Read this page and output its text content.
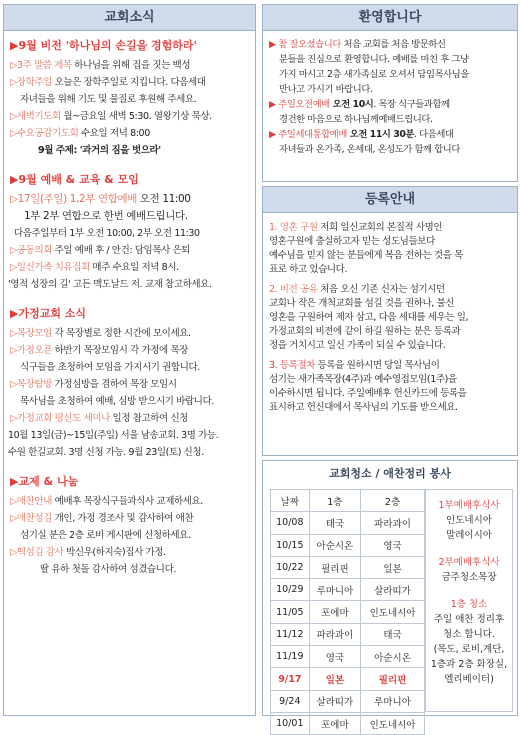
교회소식
▶9월 비전 '하나님의 손길을 경험하라'
▷3주 말씀 제목 하나님을 위해 집을 짓는 백성
▷장학주일 오늘은 장학주일로 지킵니다. 다음세대
자녀들을 위해 기도 및 물질로 후원해 주세요.
▷새벽기도회 월~금요일 새벽 5:30. 열왕기상 묵상.
▷수요공감기도회 수요일 저녁 8:00
9월 주제: '과거의 짐을 벗으라'
▶9월 예배 & 교육 & 모임
▷17일(주일) 1,2부 연합예배 오전 11:00
1부 2부 연합으로 한번 예배드립니다.
다음주일부터 1부 오전 10:00, 2부 오전 11:30
▷공동의회 주일 예배 후 / 안건: 담임목사 은퇴
▷일신가족 치유집회 매주 수요일 저녁 8시.
'영적 성장의 길' 고든 맥도날드 저. 교재 참고하세요.
▶가정교회 소식
▷목장모임 각 목장별로 정한 시간에 모이세요.
▷가정오픈 하반기 목장모임시 각 가정에 목장
식구들을 초청하여 모임을 가지시기 권합니다.
▷목장탐방 가정심방을 겸하여 목장 모임시
목사님을 초청하여 예배, 심방 받으시기 바랍니다.
▷가정교회 평신도 세미나 일정 참고하여 신청
10월 13일(금)~15일(주일) 서울 남송교회. 3명 가능.
수원 한길교회. 3명 신청 가능. 9월 23일(토) 신청.
▶교제 & 나눔
▷애찬안내 예배후 목장식구들과식사 교제하세요.
▷애찬섬김 개인, 가정 경조사 및 감사하여 애찬
섬기실 분은 2층 로비 게시판에 신청하세요.
▷떡섬김 감사 박신우(하지숙)집사 가정.
딸 유하 첫돌 감사하여 섬겼습니다.
환영합니다
▶ 참 잘오셨습니다 처음 교회를 처음 방문하신
분들을 진심으로 환영합니다. 예배를 마친 후 그냥
가지 마시고 2층 새가족실로 오셔서 담임목사님을
만나고 가시기 바랍니다.
▶ 주일오전예배 오전 10시. 목장 식구들과함께
경건한 마음으로 하나님께예배드립니다.
▶ 주일세대통합예배 오전 11시 30분. 다음세대
자녀들과 온가족, 온세대, 온성도가 함께 합니다
등록안내
1. 영혼 구원 저희 일신교회의 본질적 사명인
영혼구원에 충실하고자 믿는 성도님들보다
예수님을 믿지 않는 분들에게 복음 전하는 것을 목
표로 하고 있습니다.
2. 비전 공유 처음 오신 기존 신자는 섬기시던
교회나 작은 개척교회를 섬길 것을 권하나, 불신
영혼을 구원하여 제자 삼고, 다음 세대를 세우는 일,
가정교회의 비전에 같이 하길 원하는 분은 등록과
정을 거치시고 일신 가족이 되실 수 있습니다.
3. 등록절차 등록을 원하시면 당일 목사님이
섬기는 새가족목장(4주)과 예수영접모임(1주)을
이수하시면 됩니다. 주일예배후 헌신카드에 등록을
표시하고 헌신대에서 목사님의 기도를 받으세요.
교회청소 / 애찬정리 봉사
날짜	1층	2층
10/08	태국	파라과이
10/15	아순시온	영국
10/22	필리핀	일본
10/29	루마니아	살라띠가
11/05	포에마	인도네시아
11/12	파라과이	태국
11/19	영국	아순시온
9/17	일본	필리핀
9/24	살라띠가	루마니아
10/01	포에마	인도네시아
1부예배후식사
인도네시아
말레이시아
2부예배후식사
금주청소목장
1층 청소
주일 애찬 정리후
청소 합니다.
(목도, 로비,계단,
1층과 2층 화장실,
엘리베이터)
